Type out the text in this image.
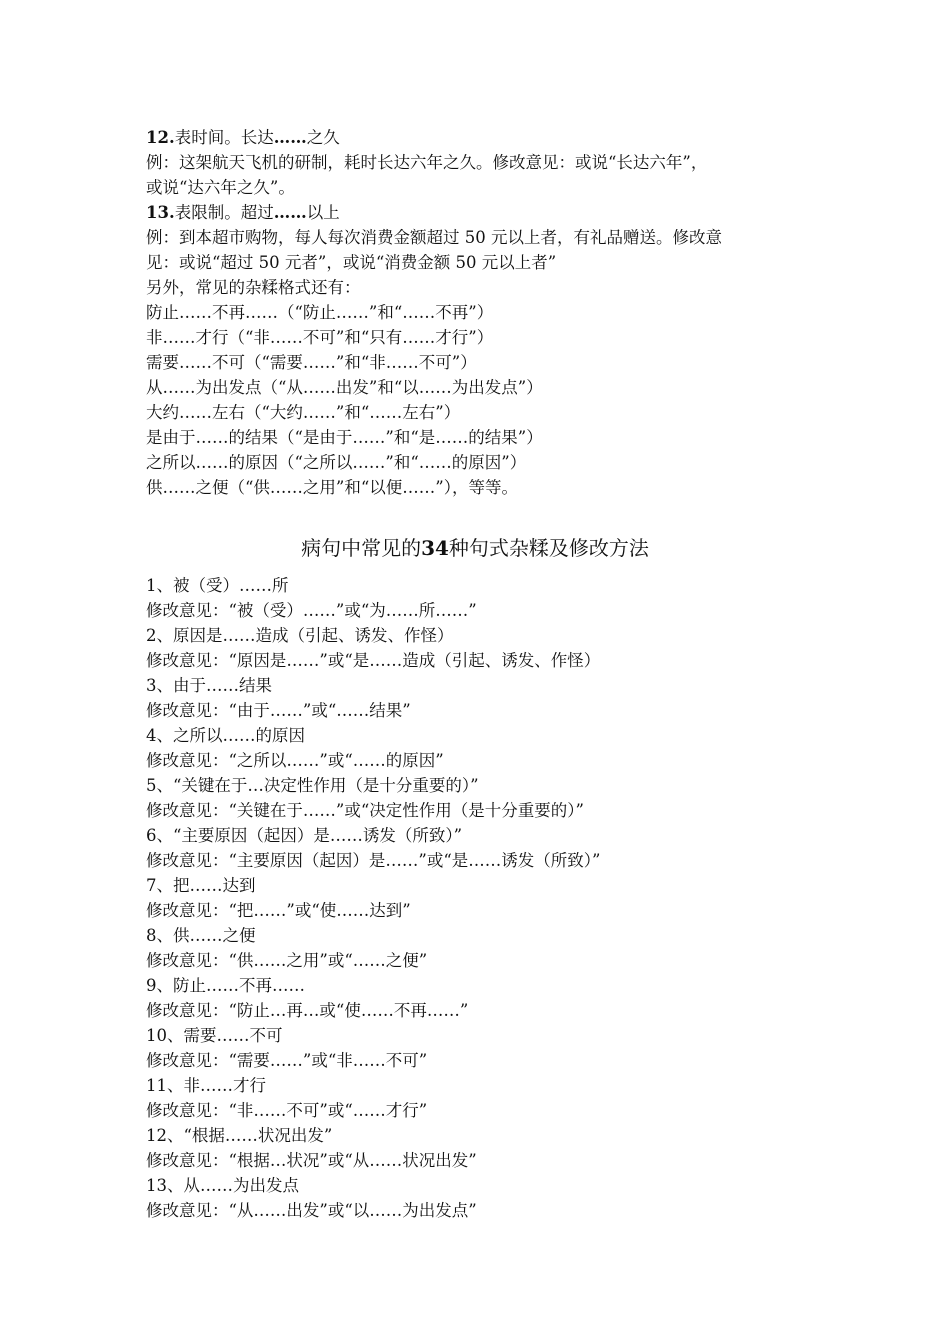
12.表时间。长达……之久

例：这架航天飞机的研制，耗时长达六年之久。修改意见：或说“长达六年”，

或说“达六年之久”。

13.表限制。超过……以上

例：到本超市购物，每人每次消费金额超过 50 元以上者，有礼品赠送。修改意

见：或说“超过 50 元者”，或说“消费金额 50 元以上者”

另外，常见的杂糅格式还有：

防止……不再……（“防止……”和“……不再”）

非……才行（“非……不可”和“只有……才行”）

需要……不可（“需要……”和“非……不可”）

从……为出发点（“从……出发”和“以……为出发点”）

大约……左右（“大约……”和“……左右”）

是由于……的结果（“是由于……”和“是……的结果”）

之所以……的原因（“之所以……”和“……的原因”）

供……之便（“供……之用”和“以便……”），等等。

病句中常见的34种句式杂糅及修改方法

1、被（受）……所

修改意见：“被（受）……”或“为……所……”

2、原因是……造成（引起、诱发、作怪）

修改意见：“原因是……”或“是……造成（引起、诱发、作怪）

3、由于……结果

修改意见：“由于……”或“……结果”

4、之所以……的原因

修改意见：“之所以……”或“……的原因”

5、“关键在于…决定性作用（是十分重要的）”

修改意见：“关键在于……”或“决定性作用（是十分重要的）”

6、“主要原因（起因）是……诱发（所致）”

修改意见：“主要原因（起因）是……”或“是……诱发（所致）”

7、把……达到

修改意见：“把……”或“使……达到”

8、供……之便

修改意见：“供……之用”或“……之便”

9、防止……不再……

修改意见：“防止…再…或“使……不再……”

10、需要……不可

修改意见：“需要……”或“非……不可”

11、非……才行

修改意见：“非……不可”或“……才行”

12、“根据……状况出发”

修改意见：“根据…状况”或“从……状况出发”

13、从……为出发点

修改意见：“从……出发”或“以……为出发点”
